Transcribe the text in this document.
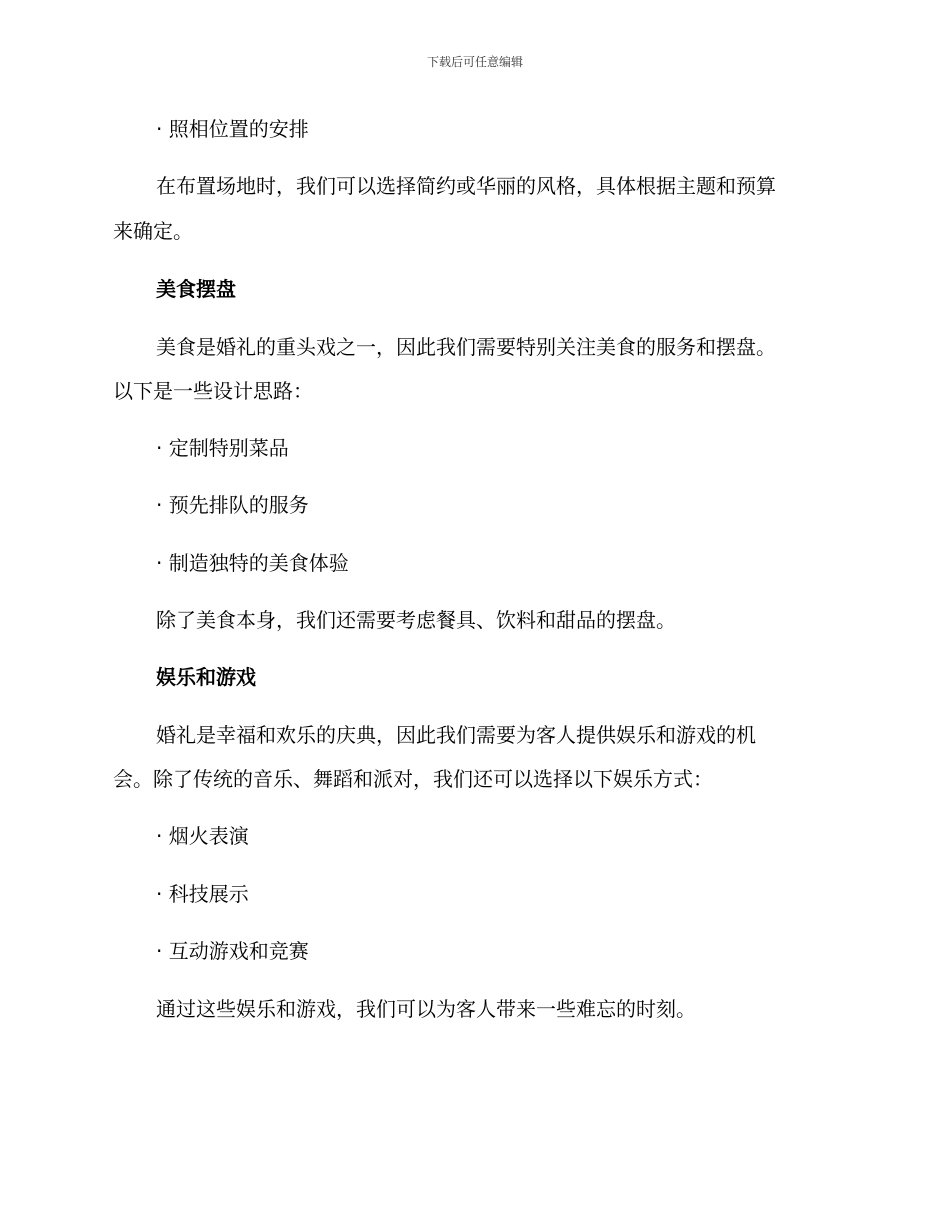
下载后可任意编辑
· 照相位置的安排
在布置场地时，我们可以选择简约或华丽的风格，具体根据主题和预算
来确定。
美食摆盘
美食是婚礼的重头戏之一，因此我们需要特别关注美食的服务和摆盘。
以下是一些设计思路：
· 定制特别菜品
· 预先排队的服务
· 制造独特的美食体验
除了美食本身，我们还需要考虑餐具、饮料和甜品的摆盘。
娱乐和游戏
婚礼是幸福和欢乐的庆典，因此我们需要为客人提供娱乐和游戏的机
会。除了传统的音乐、舞蹈和派对，我们还可以选择以下娱乐方式：
· 烟火表演
· 科技展示
· 互动游戏和竞赛
通过这些娱乐和游戏，我们可以为客人带来一些难忘的时刻。
